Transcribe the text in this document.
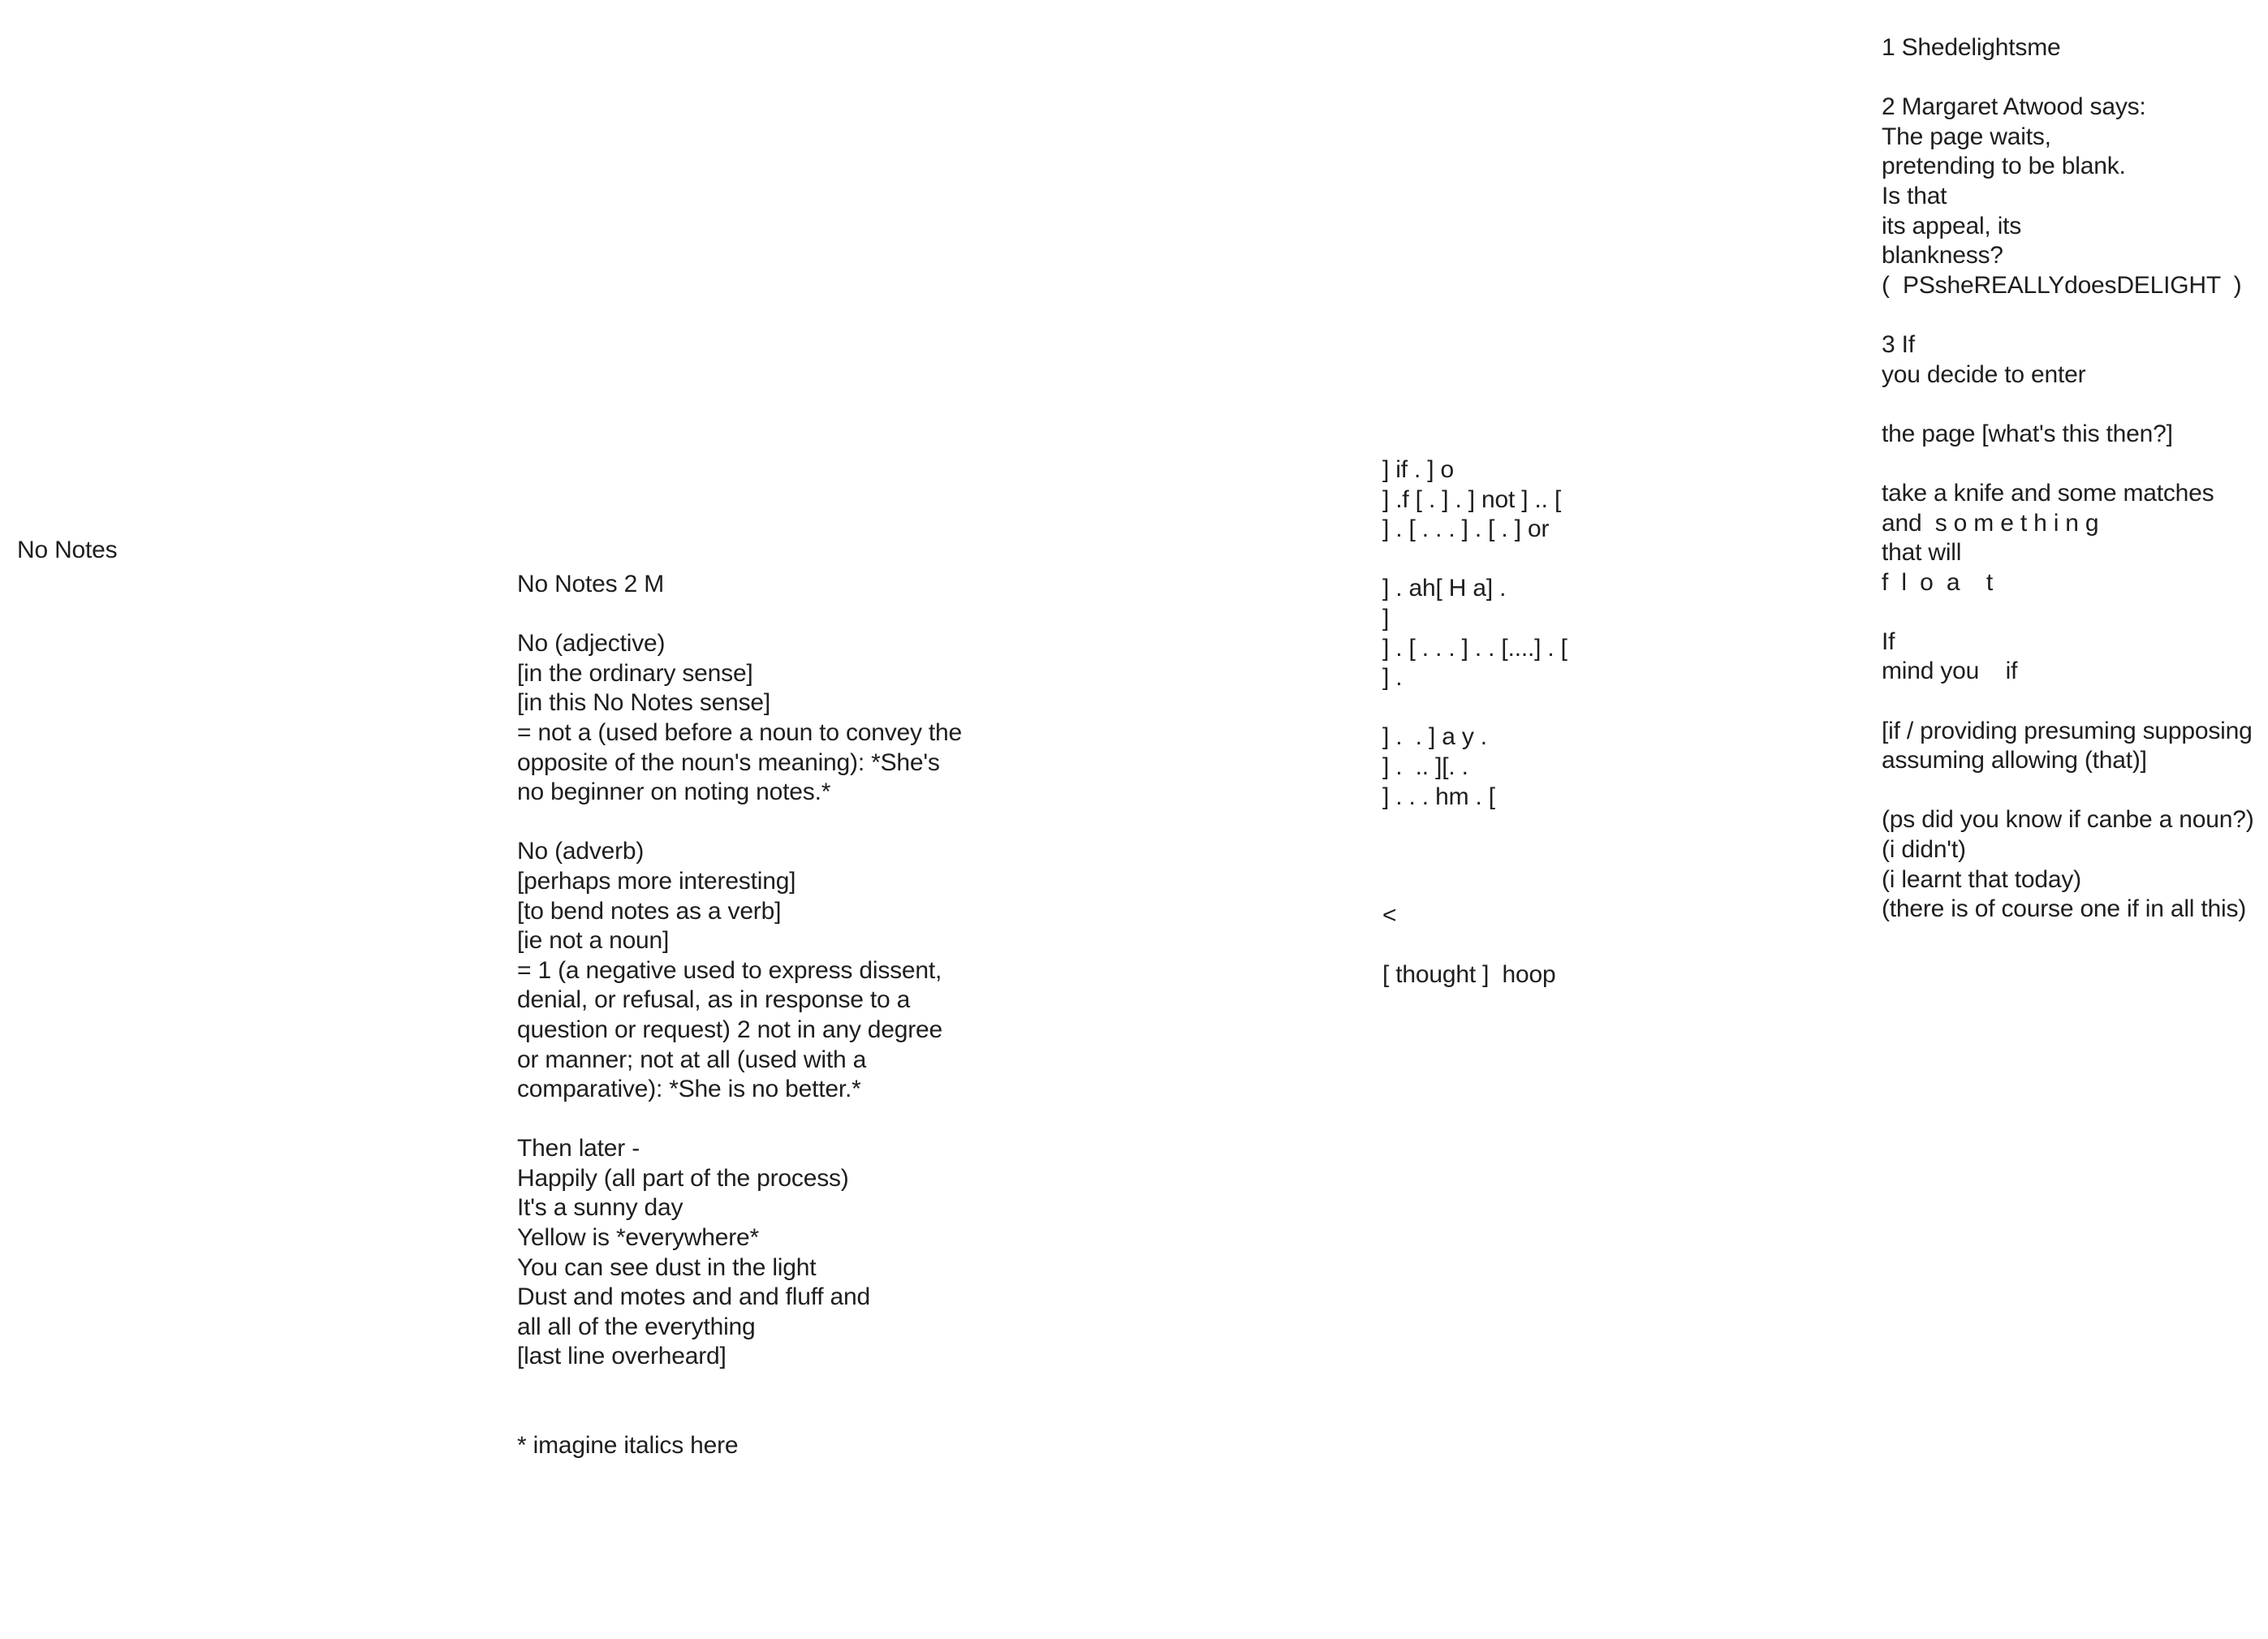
No Notes
No Notes 2 M
No (adjective)
[in the ordinary sense]
[in this No Notes sense]
= not a (used before a noun to convey the
opposite of the noun's meaning): *She's
no beginner on noting notes.*
No (adverb)
[perhaps more interesting]
[to bend notes as a verb]
[ie not a noun]
= 1 (a negative used to express dissent,
denial, or refusal, as in response to a
question or request) 2 not in any degree
or manner; not at all (used with a
comparative): *She is no better.*
Then later -
Happily (all part of the process)
It's a sunny day
Yellow is *everywhere*
You can see dust in the light
Dust and motes and and fluff and
all all of the everything
[last line overheard]
* imagine italics here
] if . ] o
] .f [ . ] . ] not ] .. [
] . [ . . . ] . [ . ] or
] . ah[ H a] .
]
] . [ . . . ] . . [....] . [
] .
] .  . ] a y .
] .  .. ][. .
] . . . hm . [
<
[ thought ]  hoop
1 Shedelightsme
2 Margaret Atwood says:
The page waits,
pretending to be blank.
Is that
its appeal, its
blankness?
(  PSsheREALLYdoesDELIGHT  )
3 If
you decide to enter
the page [what's this then?]
take a knife and some matches
and  s o m e t h i n g
that will
f  l  o  a    t
If
mind you    if
[if / providing presuming supposing
assuming allowing (that)]
(ps did you know if canbe a noun?)
(i didn't)
(i learnt that today)
(there is of course one if in all this)
